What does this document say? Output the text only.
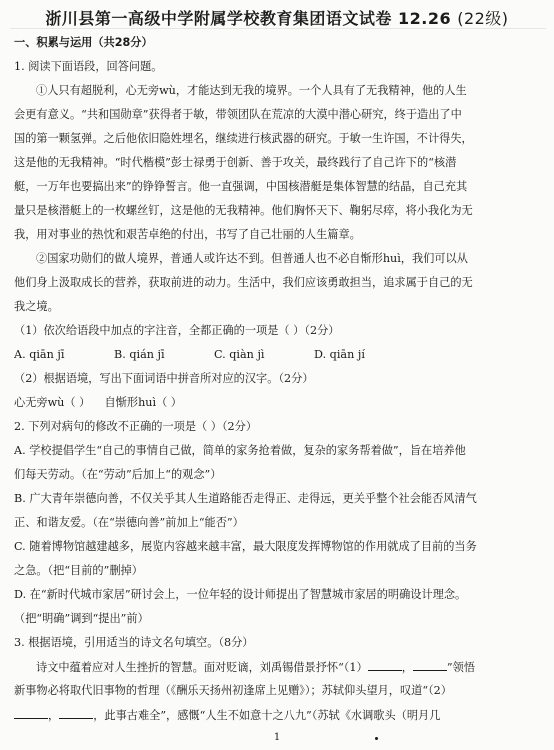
浙川县第一高级中学附属学校教育集团语文试卷 12.26 (22级)
一、积累与运用（共28分）
1. 阅读下面语段，回答问题。
①人只有超脱利，心无旁wù，才能达到无我的境界。一个人具有了无我精神，他的人生
会更有意义。“共和国勋章”获得者于敏，带领团队在荒凉的大漠中潜心研究，终于造出了中
国的第一颗氢弹。之后他依旧隐姓埋名，继续进行核武器的研究。于敏一生许国，不计得失，
这是他的无我精神。“时代楷模”彭士禄勇于创新、善于攻关，最终践行了自己许下的“核潜
艇，一万年也要搞出来”的铮铮誓言。他一直强调，中国核潜艇是集体智慧的结晶，自己充其
量只是核潜艇上的一枚螺丝钉，这是他的无我精神。他们胸怀天下、鞠躬尽瘁，将小我化为无
我，用对事业的热忱和艰苦卓绝的付出，书写了自己壮丽的人生篇章。
②国家功勋们的做人境界，普通人或许达不到。但普通人也不必自惭形huì，我们可以从
他们身上汲取成长的营养，获取前进的动力。生活中，我们应该勇敢担当，追求属于自己的无
我之境。
（1）依次给语段中加点的字注音，全都正确的一项是（ ）（2分）
A. qiān jī	B. qián jī	C. qiàn jì	D. qiān jí
（2）根据语境，写出下面词语中拼音所对应的汉字。（2分）
心无旁wù（ ） 自惭形huì（ ）
2. 下列对病句的修改不正确的一项是（ ）（2分）
A. 学校提倡学生“自己的事情自己做，简单的家务抢着做，复杂的家务帮着做”，旨在培养他
们每天劳动。（在“劳动”后加上“的观念”）
B. 广大青年崇德向善，不仅关乎其人生道路能否走得正、走得远，更关乎整个社会能否风清气
正、和谐友爱。（在“崇德向善”前加上“能否”）
C. 随着博物馆越建越多，展览内容越来越丰富，最大限度发挥博物馆的作用就成了目前的当务
之急。（把“目前的”删掉）
D. 在“新时代城市家居”研讨会上，一位年轻的设计师提出了智慧城市家居的明确设计理念。
（把“明确”调到“提出”前）
3. 根据语境，引用适当的诗文名句填空。（8分）
诗文中蕴着应对人生挫折的智慧。面对贬谪，刘禹锡借景抒怀“（1）	，	”领悟
新事物必将取代旧事物的哲理（《酬乐天扬州初逢席上见赠》）；苏轼仰头望月，叹道“（2）
，	，此事古难全”，感慨“人生不如意十之八九”（苏轼《水调歌头（明月几
1
